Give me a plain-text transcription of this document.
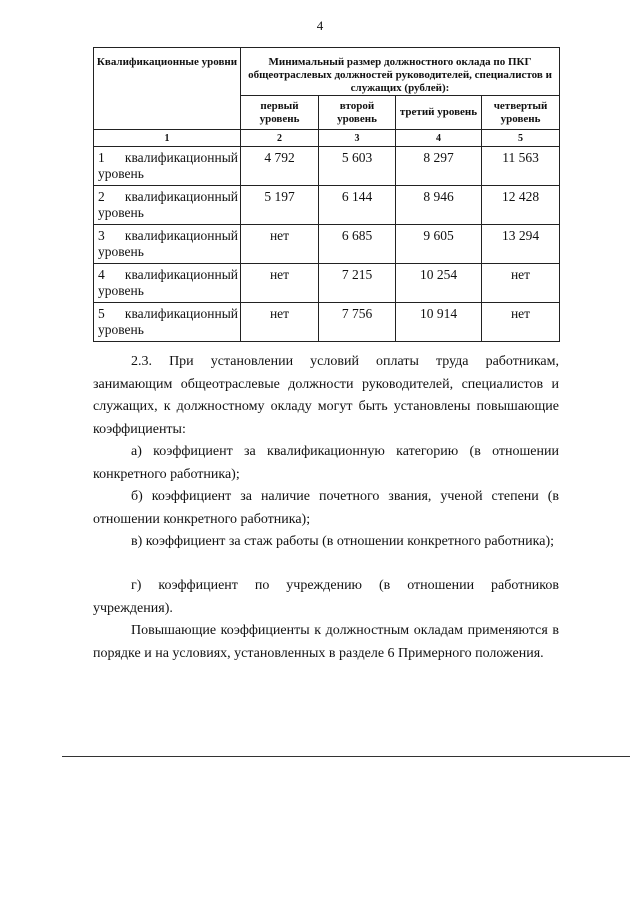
4
Квалификационные уровни	Минимальный размер должностного оклада по ПКГ общеотраслевых должностей руководителей, специалистов и служащих (рублей):			
	первый уровень	второй уровень	третий уровень	четвертый уровень
1	2	3	4	5

1 квалификационный
уровень	4 792	5 603	8 297	11 563

2 квалификационный
уровень	5 197	6 144	8 946	12 428

3 квалификационный
уровень	нет	6 685	9 605	13 294

4 квалификационный
уровень	нет	7 215	10 254	нет

5 квалификационный
уровень	нет	7 756	10 914	нет

2.3. При установлении условий оплаты труда работникам, занимающим общеотраслевые должности руководителей, специалистов и служащих, к должностному окладу могут быть установлены повышающие коэффициенты:

а) коэффициент за квалификационную категорию (в отношении конкретного работника);

б) коэффициент за наличие почетного звания, ученой степени (в отношении конкретного работника);

в) коэффициент за стаж работы (в отношении конкретного работника);

г) коэффициент по учреждению (в отношении работников учреждения).

Повышающие коэффициенты к должностным окладам применяются в порядке и на условиях, установленных в разделе 6 Примерного положения.
